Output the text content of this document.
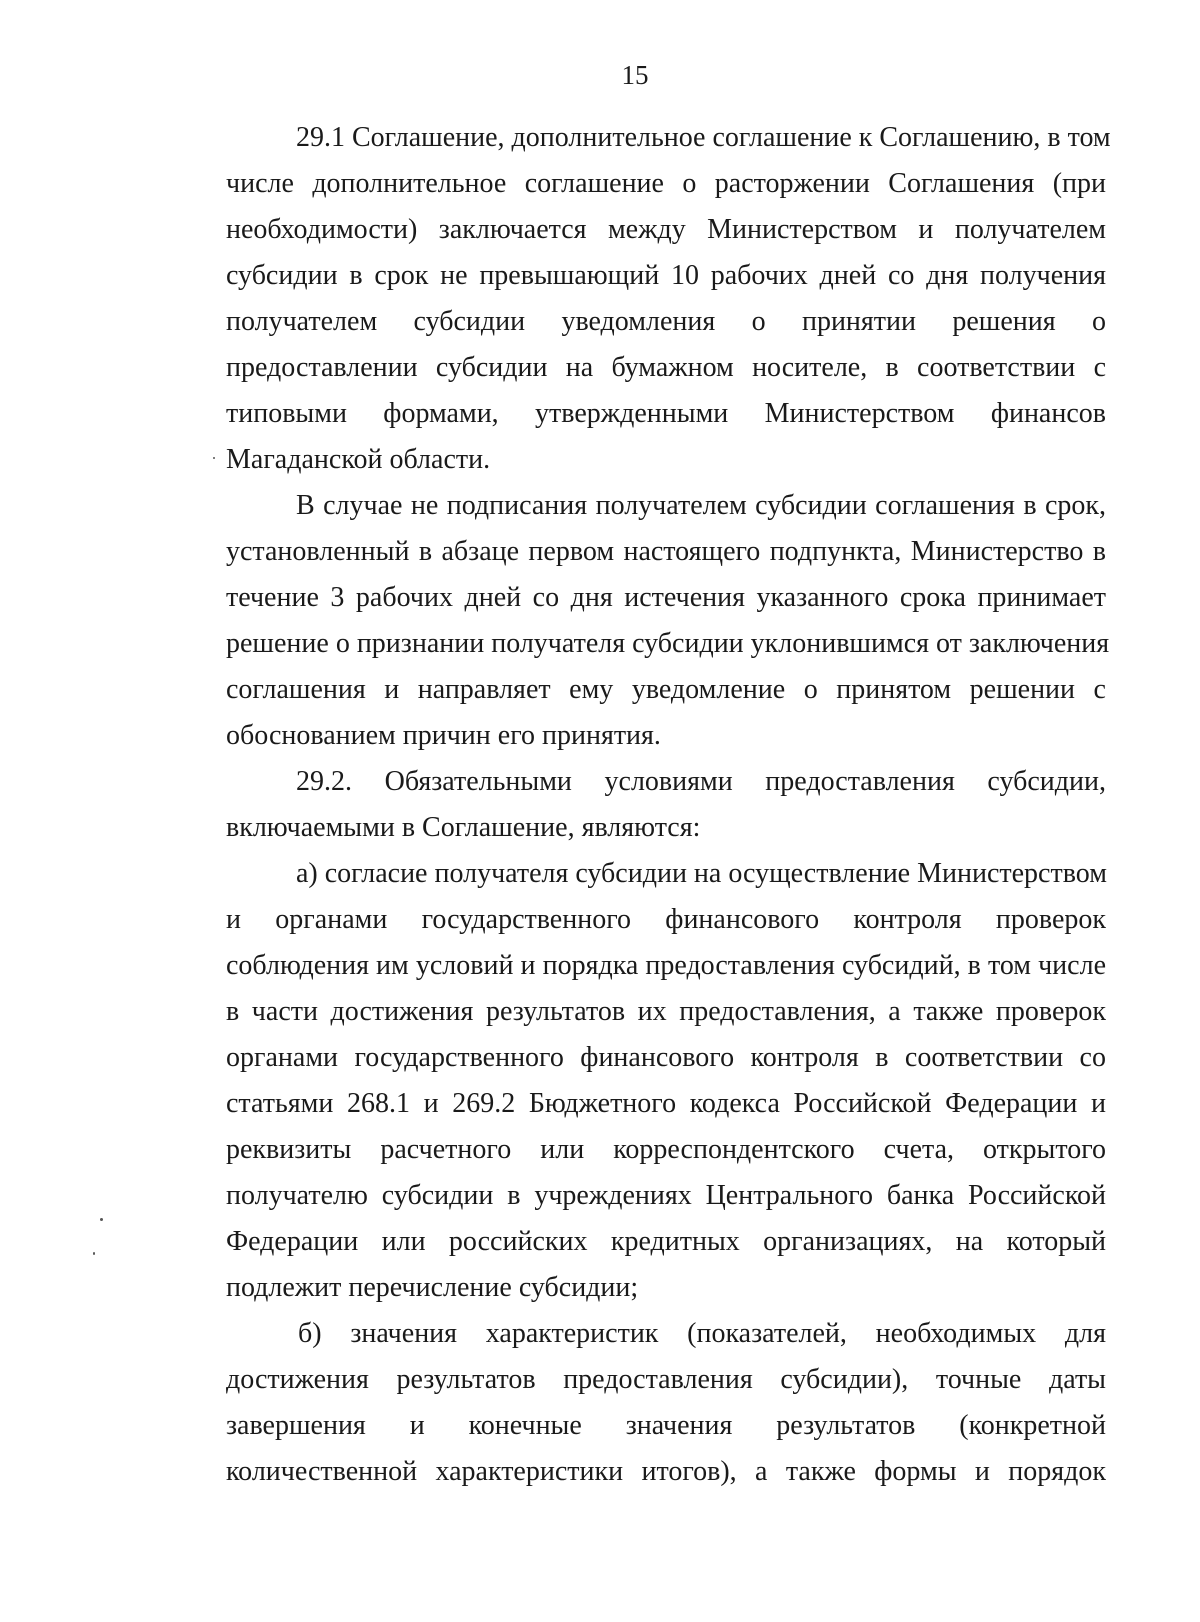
15
29.1 Соглашение, дополнительное соглашение к Соглашению, в том
числе дополнительное соглашение о расторжении Соглашения (при
необходимости) заключается между Министерством и получателем
субсидии в срок не превышающий 10 рабочих дней со дня получения
получателем субсидии уведомления о принятии решения о
предоставлении субсидии на бумажном носителе, в соответствии с
типовыми формами, утвержденными Министерством финансов
Магаданской области.
В случае не подписания получателем субсидии соглашения в срок,
установленный в абзаце первом настоящего подпункта, Министерство в
течение 3 рабочих дней со дня истечения указанного срока принимает
решение о признании получателя субсидии уклонившимся от заключения
соглашения и направляет ему уведомление о принятом решении с
обоснованием причин его принятия.
29.2. Обязательными условиями предоставления субсидии,
включаемыми в Соглашение, являются:
а) согласие получателя субсидии на осуществление Министерством
и органами государственного финансового контроля проверок
соблюдения им условий и порядка предоставления субсидий, в том числе
в части достижения результатов их предоставления, а также проверок
органами государственного финансового контроля в соответствии со
статьями 268.1 и 269.2 Бюджетного кодекса Российской Федерации и
реквизиты расчетного или корреспондентского счета, открытого
получателю субсидии в учреждениях Центрального банка Российской
Федерации или российских кредитных организациях, на который
подлежит перечисление субсидии;
б) значения характеристик (показателей, необходимых для
достижения результатов предоставления субсидии), точные даты
завершения и конечные значения результатов (конкретной
количественной характеристики итогов), а также формы и порядок
